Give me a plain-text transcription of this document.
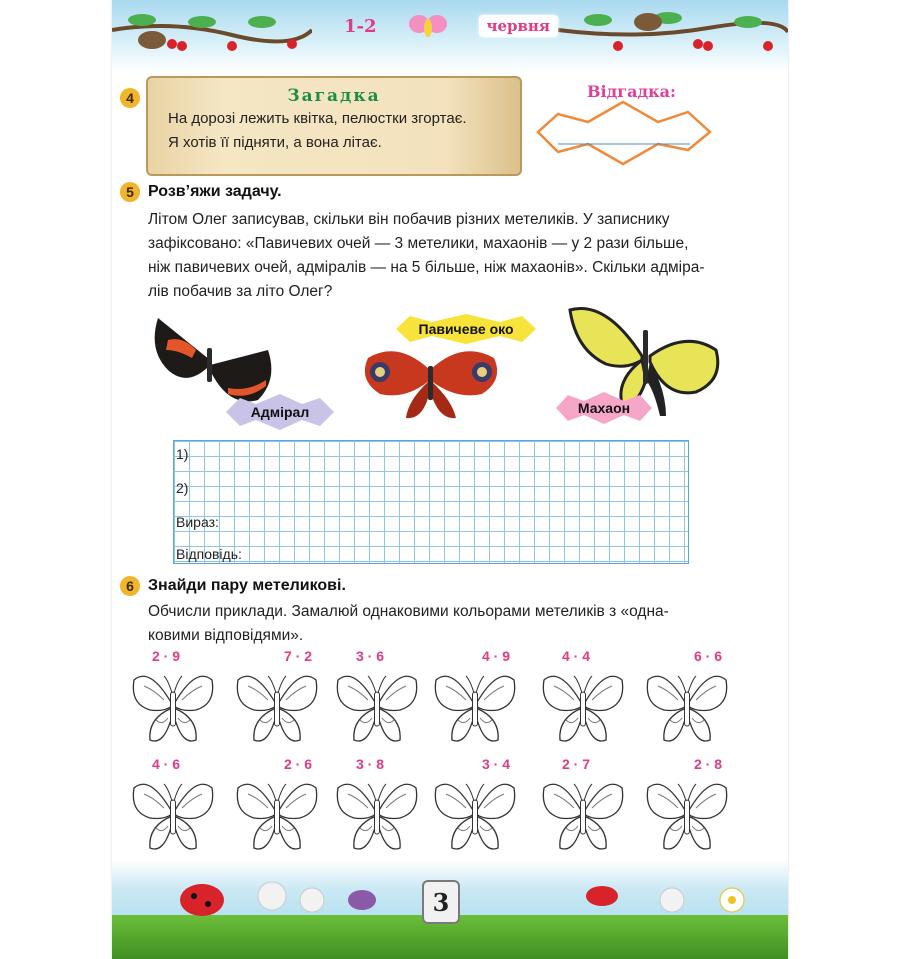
1-2	червня
4	Загадка
На дорозі лежить квітка, пелюстки згортає.
Я хотів її підняти, а вона літає.
Відгадка:
5 Розв’яжи задачу.
Літом Олег записував, скільки він побачив різних метеликів. У записнику
зафіксовано: «Павичевих очей — 3 метелики, махаонів — у 2 рази більше,
ніж павичевих очей, адміралів — на 5 більше, ніж махаонів». Скільки адміра-
лів побачив за літо Олег?
Адмірал
Павичеве око
Махаон
1)
2)
Вираз:
Відповідь:
6 Знайди пару метеликові.
Обчисли приклади. Замалюй однаковими кольорами метеликів з «одна-
ковими відповідями».
3
2 · 9	7 · 2	3 · 6	4 · 9	4 · 4	6 · 6
4 · 6	2 · 6	3 · 8	3 · 4	2 · 7	2 · 8
